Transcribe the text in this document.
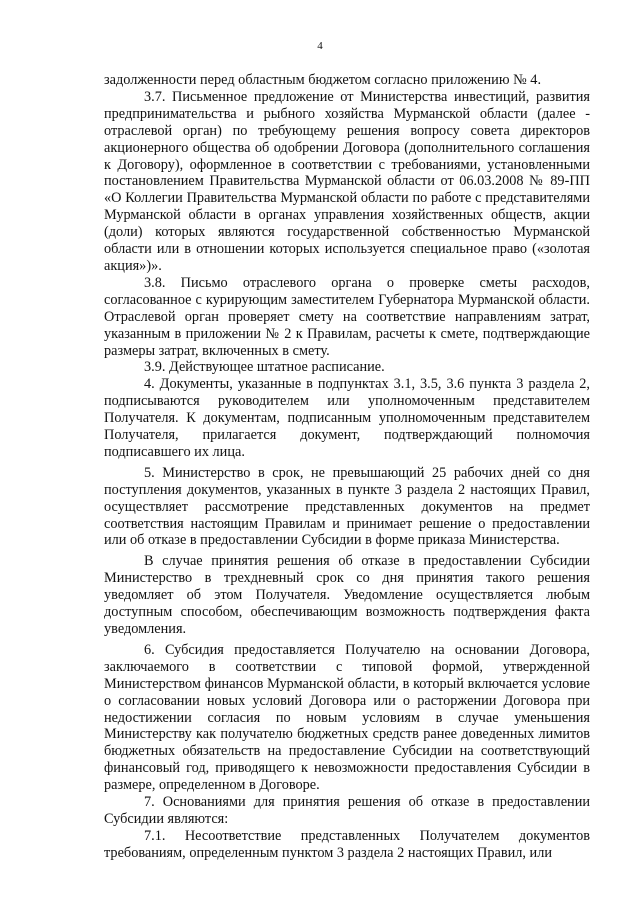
4

задолженности перед областным бюджетом согласно приложению № 4.

3.7. Письменное предложение от Министерства инвестиций, развития предпринимательства и рыбного хозяйства Мурманской области (далее - отраслевой орган) по требующему решения вопросу совета директоров акционерного общества об одобрении Договора (дополнительного соглашения к Договору), оформленное в соответствии с требованиями, установленными постановлением Правительства Мурманской области от 06.03.2008 № 89-ПП «О Коллегии Правительства Мурманской области по работе с представителями Мурманской области в органах управления хозяйственных обществ, акции (доли) которых являются государственной собственностью Мурманской области или в отношении которых используется специальное право («золотая акция»)».

3.8. Письмо отраслевого органа о проверке сметы расходов, согласованное с курирующим заместителем Губернатора Мурманской области. Отраслевой орган проверяет смету на соответствие направлениям затрат, указанным в приложении № 2 к Правилам, расчеты к смете, подтверждающие размеры затрат, включенных в смету.

3.9. Действующее штатное расписание.

4. Документы, указанные в подпунктах 3.1, 3.5, 3.6 пункта 3 раздела 2, подписываются руководителем или уполномоченным представителем Получателя. К документам, подписанным уполномоченным представителем Получателя, прилагается документ, подтверждающий полномочия подписавшего их лица.

5. Министерство в срок, не превышающий 25 рабочих дней со дня поступления документов, указанных в пункте 3 раздела 2 настоящих Правил, осуществляет рассмотрение представленных документов на предмет соответствия настоящим Правилам и принимает решение о предоставлении или об отказе в предоставлении Субсидии в форме приказа Министерства.

В случае принятия решения об отказе в предоставлении Субсидии Министерство в трехдневный срок со дня принятия такого решения уведомляет об этом Получателя. Уведомление осуществляется любым доступным способом, обеспечивающим возможность подтверждения факта уведомления.

6. Субсидия предоставляется Получателю на основании Договора, заключаемого в соответствии с типовой формой, утвержденной Министерством финансов Мурманской области, в который включается условие о согласовании новых условий Договора или о расторжении Договора при недостижении согласия по новым условиям в случае уменьшения Министерству как получателю бюджетных средств ранее доведенных лимитов бюджетных обязательств на предоставление Субсидии на соответствующий финансовый год, приводящего к невозможности предоставления Субсидии в размере, определенном в Договоре.

7. Основаниями для принятия решения об отказе в предоставлении Субсидии являются:

7.1. Несоответствие представленных Получателем документов требованиям, определенным пунктом 3 раздела 2 настоящих Правил, или
